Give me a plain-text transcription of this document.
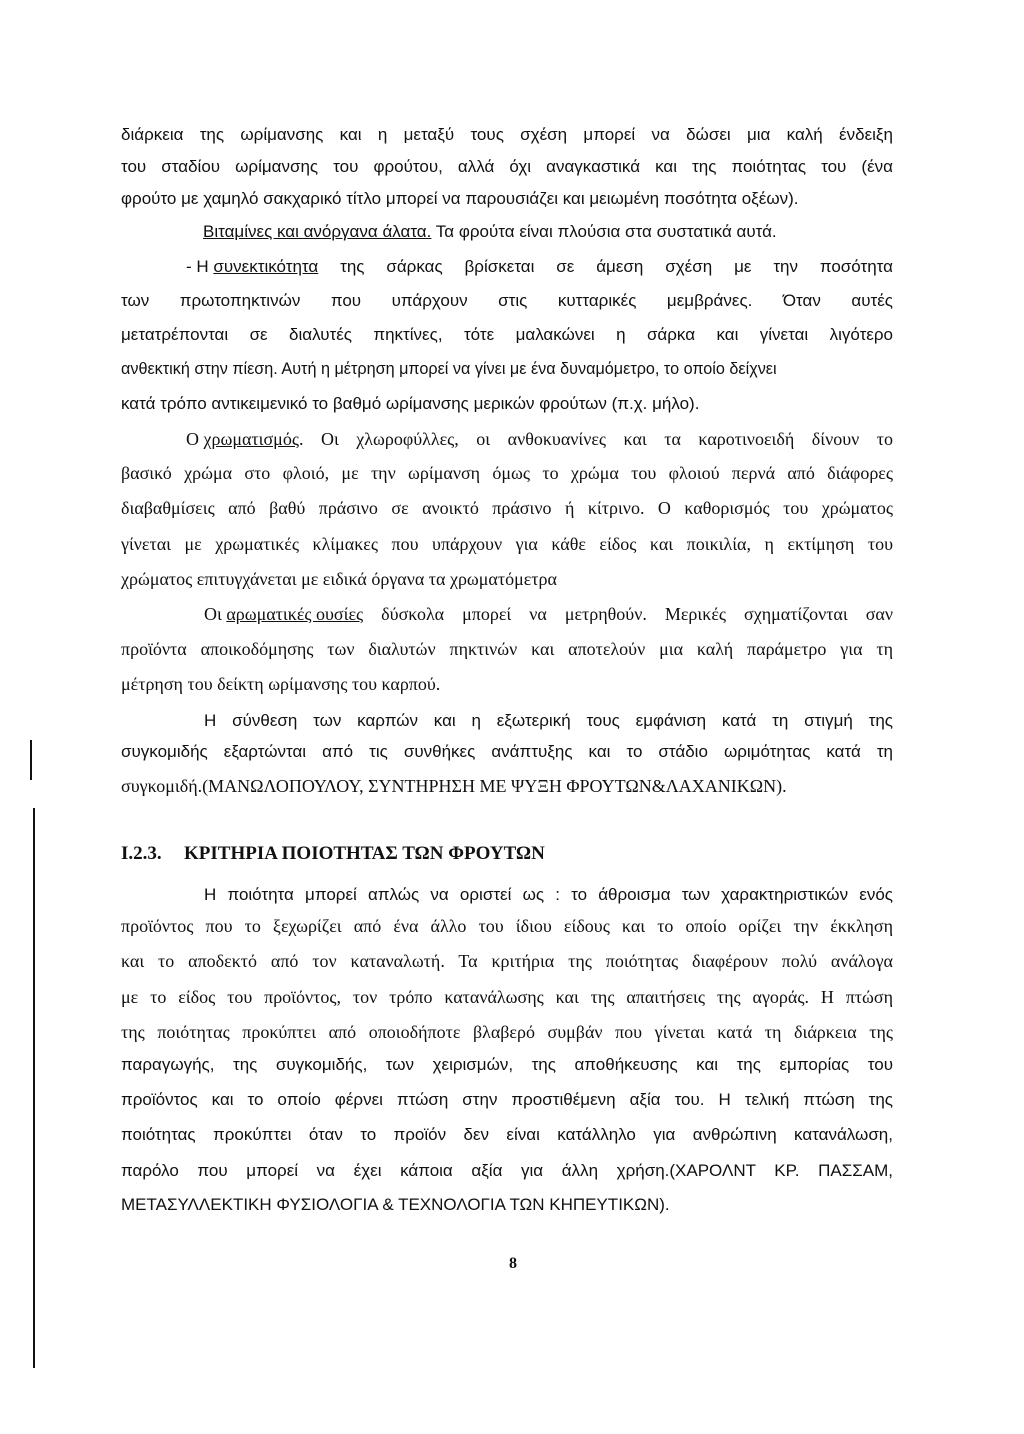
διάρκεια της ωρίμανσης και η μεταξύ τους σχέση μπορεί να δώσει μια καλή ένδειξη
του σταδίου ωρίμανσης του φρούτου, αλλά όχι αναγκαστικά και της ποιότητας του (ένα
φρούτο με χαμηλό σακχαρικό τίτλο μπορεί να παρουσιάζει και μειωμένη ποσότητα οξέων).
Βιταμίνες και ανόργανα άλατα. Τα φρούτα είναι πλούσια στα συστατικά αυτά.
- Η συνεκτικότητα της σάρκας βρίσκεται σε άμεση σχέση με την ποσότητα
των πρωτοπηκτινών που υπάρχουν στις κυτταρικές μεμβράνες. Όταν αυτές
μετατρέπονται σε διαλυτές πηκτίνες, τότε μαλακώνει η σάρκα και γίνεται λιγότερο
ανθεκτική στην πίεση. Αυτή η μέτρηση μπορεί να γίνει με ένα δυναμόμετρο, το οποίο δείχνει
κατά τρόπο αντικειμενικό το βαθμό ωρίμανσης μερικών φρούτων (π.χ. μήλο).
Ο χρωματισμός . Οι χλωροφύλλες, οι ανθοκυανίνες και τα καροτινοειδή δίνουν το
βασικό χρώμα στο φλοιό, με την ωρίμανση όμως το χρώμα του φλοιού περνά από διάφορες
διαβαθμίσεις από βαθύ πράσινο σε ανοικτό πράσινο ή κίτρινο. Ο καθορισμός του χρώματος
γίνεται με χρωματικές κλίμακες που υπάρχουν για κάθε είδος και ποικιλία, η εκτίμηση του
χρώματος επιτυγχάνεται με ειδικά όργανα τα χρωματόμετρα
Οι αρωματικές ουσίες δύσκολα μπορεί να μετρηθούν. Μερικές σχηματίζονται σαν
προϊόντα αποικοδόμησης των διαλυτών πηκτινών και αποτελούν μια καλή παράμετρο για τη
μέτρηση του δείκτη ωρίμανσης του καρπού.
Η σύνθεση των καρπών και η εξωτερική τους εμφάνιση κατά τη στιγμή της
συγκομιδής εξαρτώνται από τις συνθήκες ανάπτυξης και το στάδιο ωριμότητας κατά τη
συγκομιδή.(ΜΑΝΩΛΟΠΟΥΛΟΥ, ΣΥΝΤΗΡΗΣΗ ΜΕ ΨΥΞΗ ΦΡΟΥΤΩΝ&ΛΑΧΑΝΙΚΩΝ).
I.2.3. ΚΡΙΤΗΡΙΑ ΠΟΙΟΤΗΤΑΣ ΤΩΝ ΦΡΟΥΤΩΝ
Η ποιότητα μπορεί απλώς να οριστεί ως : το άθροισμα των χαρακτηριστικών ενός
προϊόντος που το ξεχωρίζει από ένα άλλο του ίδιου είδους και το οποίο ορίζει την έκκληση
και το αποδεκτό από τον καταναλωτή. Τα κριτήρια της ποιότητας διαφέρουν πολύ ανάλογα
με το είδος του προϊόντος, τον τρόπο κατανάλωσης και της απαιτήσεις της αγοράς. Η πτώση
της ποιότητας προκύπτει από οποιοδήποτε βλαβερό συμβάν που γίνεται κατά τη διάρκεια της
παραγωγής, της συγκομιδής, των χειρισμών, της αποθήκευσης και της εμπορίας του
προϊόντος και το οποίο φέρνει πτώση στην προστιθέμενη αξία του. Η τελική πτώση της
ποιότητας προκύπτει όταν το προϊόν δεν είναι κατάλληλο για ανθρώπινη κατανάλωση,
παρόλο που μπορεί να έχει κάποια αξία για άλλη χρήση.(ΧΑΡΟΛΝΤ ΚΡ. ΠΑΣΣΑΜ,
ΜΕΤΑΣΥΛΛΕΚΤΙΚΗ ΦΥΣΙΟΛΟΓΙΑ & ΤΕΧΝΟΛΟΓΙΑ ΤΩΝ ΚΗΠΕΥΤΙΚΩΝ).
8
